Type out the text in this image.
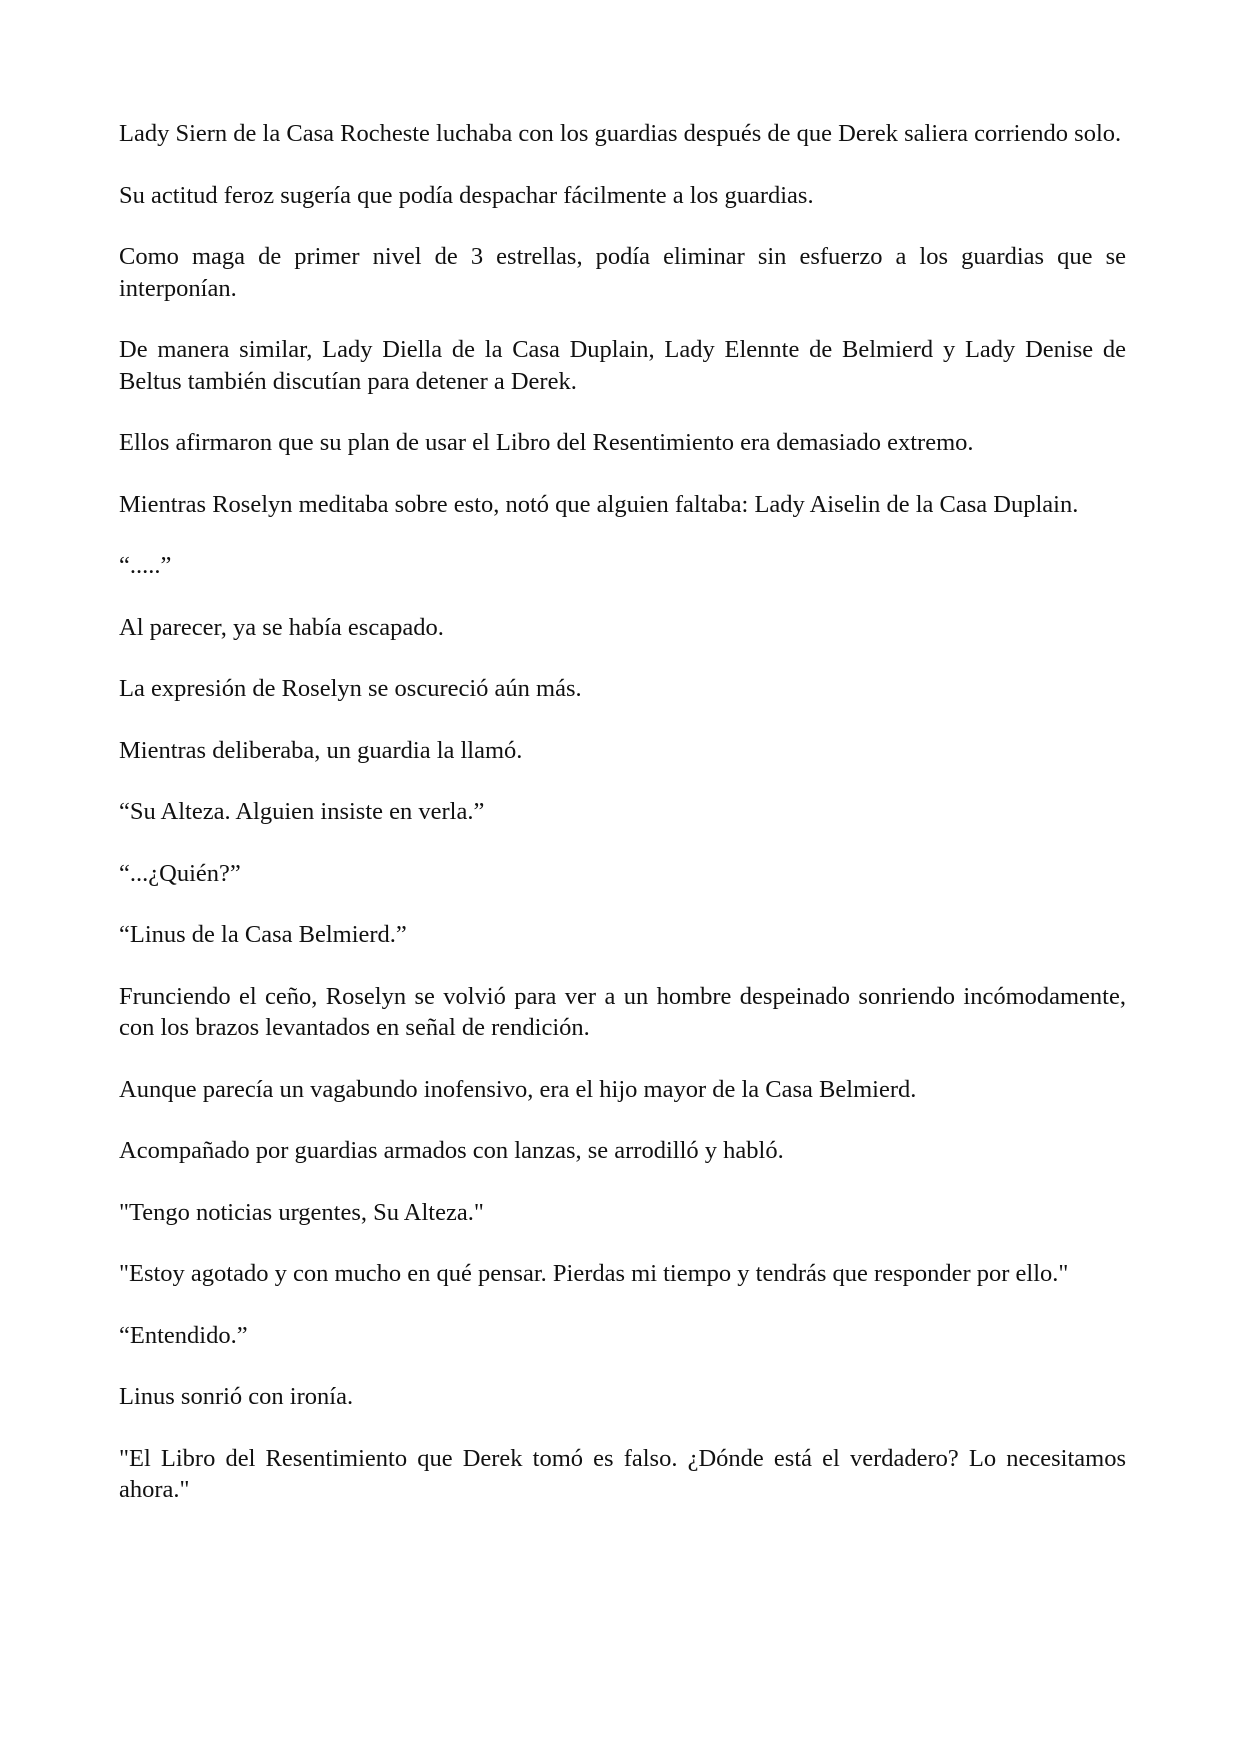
Lady Siern de la Casa Rocheste luchaba con los guardias después de que Derek saliera corriendo solo.

Su actitud feroz sugería que podía despachar fácilmente a los guardias.

Como maga de primer nivel de 3 estrellas, podía eliminar sin esfuerzo a los guardias que se interponían.

De manera similar, Lady Diella de la Casa Duplain, Lady Elennte de Belmierd y Lady Denise de Beltus también discutían para detener a Derek.

Ellos afirmaron que su plan de usar el Libro del Resentimiento era demasiado extremo.

Mientras Roselyn meditaba sobre esto, notó que alguien faltaba: Lady Aiselin de la Casa Duplain.

“.....”

Al parecer, ya se había escapado.

La expresión de Roselyn se oscureció aún más.

Mientras deliberaba, un guardia la llamó.

“Su Alteza. Alguien insiste en verla.”

“...¿Quién?”

“Linus de la Casa Belmierd.”

Frunciendo el ceño, Roselyn se volvió para ver a un hombre despeinado sonriendo incómodamente, con los brazos levantados en señal de rendición.

Aunque parecía un vagabundo inofensivo, era el hijo mayor de la Casa Belmierd.

Acompañado por guardias armados con lanzas, se arrodilló y habló.

"Tengo noticias urgentes, Su Alteza."

"Estoy agotado y con mucho en qué pensar. Pierdas mi tiempo y tendrás que responder por ello."

“Entendido.”

Linus sonrió con ironía.

"El Libro del Resentimiento que Derek tomó es falso. ¿Dónde está el verdadero? Lo necesitamos ahora."
